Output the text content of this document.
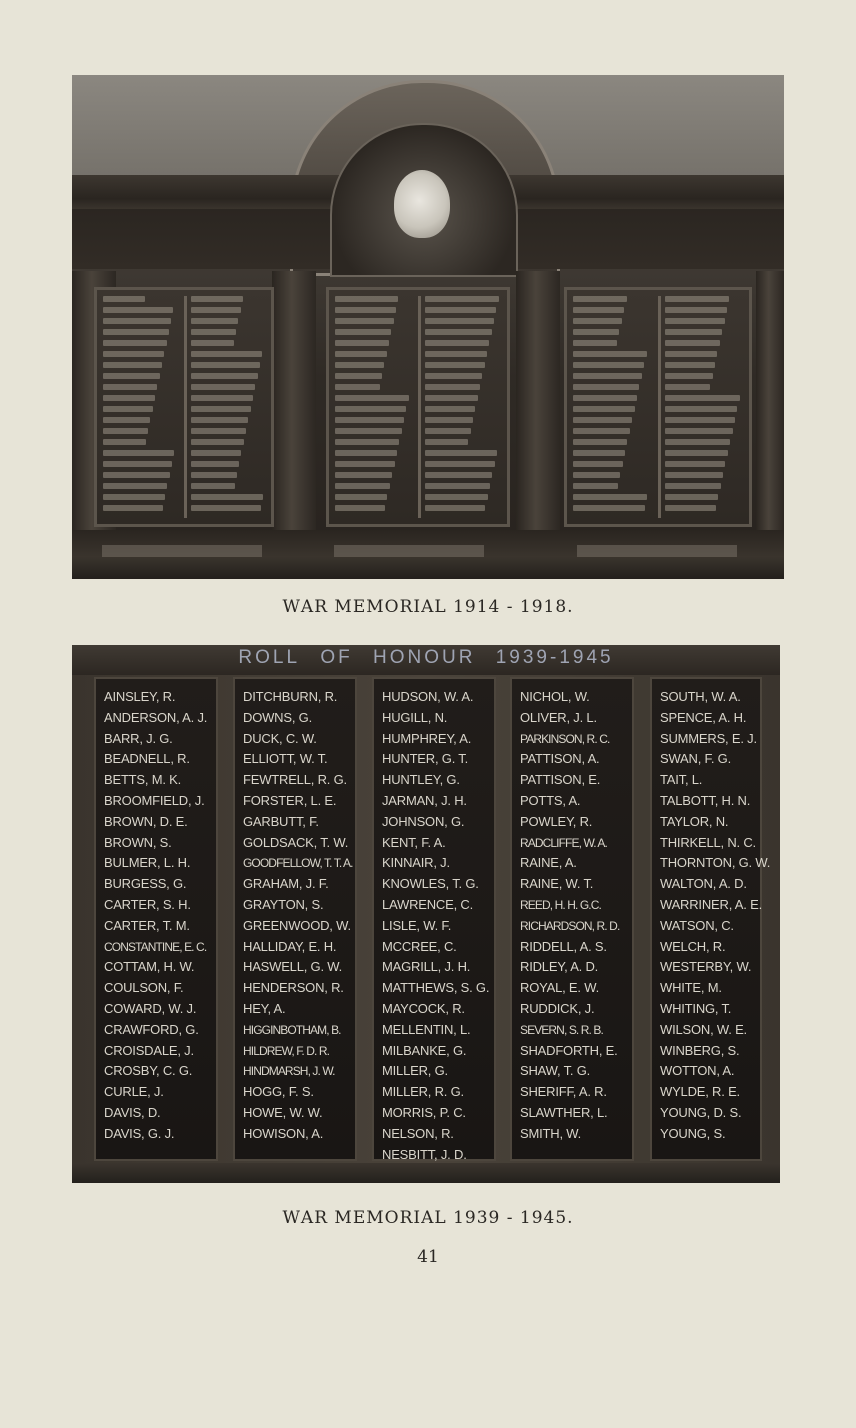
WAR MEMORIAL 1914 - 1918.
ROLL OF HONOUR 1939-1945
AINSLEY, R.
ANDERSON, A. J.
BARR, J. G.
BEADNELL, R.
BETTS, M. K.
BROOMFIELD, J.
BROWN, D. E.
BROWN, S.
BULMER, L. H.
BURGESS, G.
CARTER, S. H.
CARTER, T. M.
CONSTANTINE, E. C.
COTTAM, H. W.
COULSON, F.
COWARD, W. J.
CRAWFORD, G.
CROISDALE, J.
CROSBY, C. G.
CURLE, J.
DAVIS, D.
DAVIS, G. J.
DITCHBURN, R.
DOWNS, G.
DUCK, C. W.
ELLIOTT, W. T.
FEWTRELL, R. G.
FORSTER, L. E.
GARBUTT, F.
GOLDSACK, T. W.
GOODFELLOW, T. T. A.
GRAHAM, J. F.
GRAYTON, S.
GREENWOOD, W.
HALLIDAY, E. H.
HASWELL, G. W.
HENDERSON, R.
HEY, A.
HIGGINBOTHAM, B.
HILDREW, F. D. R.
HINDMARSH, J. W.
HOGG, F. S.
HOWE, W. W.
HOWISON, A.
HUDSON, W. A.
HUGILL, N.
HUMPHREY, A.
HUNTER, G. T.
HUNTLEY, G.
JARMAN, J. H.
JOHNSON, G.
KENT, F. A.
KINNAIR, J.
KNOWLES, T. G.
LAWRENCE, C.
LISLE, W. F.
MCCREE, C.
MAGRILL, J. H.
MATTHEWS, S. G.
MAYCOCK, R.
MELLENTIN, L.
MILBANKE, G.
MILLER, G.
MILLER, R. G.
MORRIS, P. C.
NELSON, R.
NESBITT, J. D.
NICHOL, W.
OLIVER, J. L.
PARKINSON, R. C.
PATTISON, A.
PATTISON, E.
POTTS, A.
POWLEY, R.
RADCLIFFE, W. A.
RAINE, A.
RAINE, W. T.
REED, H. H. G.C.
RICHARDSON, R. D.
RIDDELL, A. S.
RIDLEY, A. D.
ROYAL, E. W.
RUDDICK, J.
SEVERN, S. R. B.
SHADFORTH, E.
SHAW, T. G.
SHERIFF, A. R.
SLAWTHER, L.
SMITH, W.
SOUTH, W. A.
SPENCE, A. H.
SUMMERS, E. J.
SWAN, F. G.
TAIT, L.
TALBOTT, H. N.
TAYLOR, N.
THIRKELL, N. C.
THORNTON, G. W.
WALTON, A. D.
WARRINER, A. E.
WATSON, C.
WELCH, R.
WESTERBY, W.
WHITE, M.
WHITING, T.
WILSON, W. E.
WINBERG, S.
WOTTON, A.
WYLDE, R. E.
YOUNG, D. S.
YOUNG, S.
WAR MEMORIAL 1939 - 1945.
41
